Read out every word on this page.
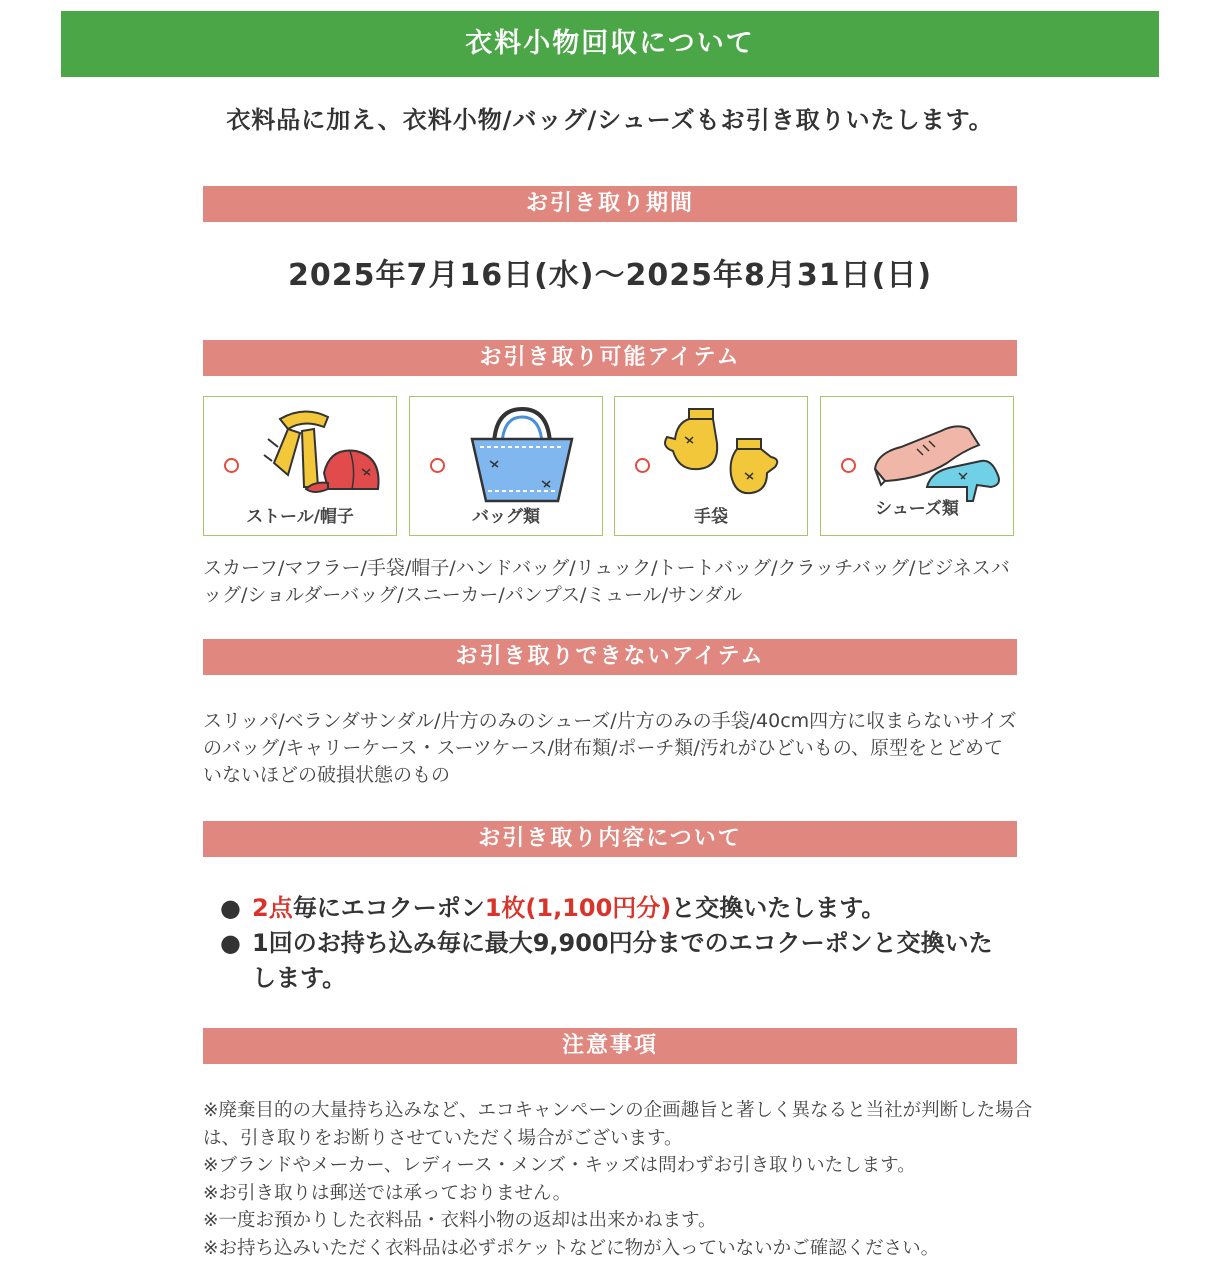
衣料小物回収について
衣料品に加え、衣料小物/バッグ/シューズもお引き取りいたします。
お引き取り期間
2025年7月16日(水)〜2025年8月31日(日)
お引き取り可能アイテム
ストール/帽子	バッグ類	手袋	シューズ類
スカーフ/マフラー/手袋/帽子/ハンドバッグ/リュック/トートバッグ/クラッチバッグ/ビジネスバッグ/ショルダーバッグ/スニーカー/パンプス/ミュール/サンダル
お引き取りできないアイテム
スリッパ/ベランダサンダル/片方のみのシューズ/片方のみの手袋/40cm四方に収まらないサイズのバッグ/キャリーケース・スーツケース/財布類/ポーチ類/汚れがひどいもの、原型をとどめていないほどの破損状態のもの
お引き取り内容について
● 2点毎にエコクーポン1枚(1,100円分)と交換いたします。
● 1回のお持ち込み毎に最大9,900円分までのエコクーポンと交換いたします。
注意事項
※廃棄目的の大量持ち込みなど、エコキャンペーンの企画趣旨と著しく異なると当社が判断した場合は、引き取りをお断りさせていただく場合がございます。
※ブランドやメーカー、レディース・メンズ・キッズは問わずお引き取りいたします。
※お引き取りは郵送では承っておりません。
※一度お預かりした衣料品・衣料小物の返却は出来かねます。
※お持ち込みいただく衣料品は必ずポケットなどに物が入っていないかご確認ください。
